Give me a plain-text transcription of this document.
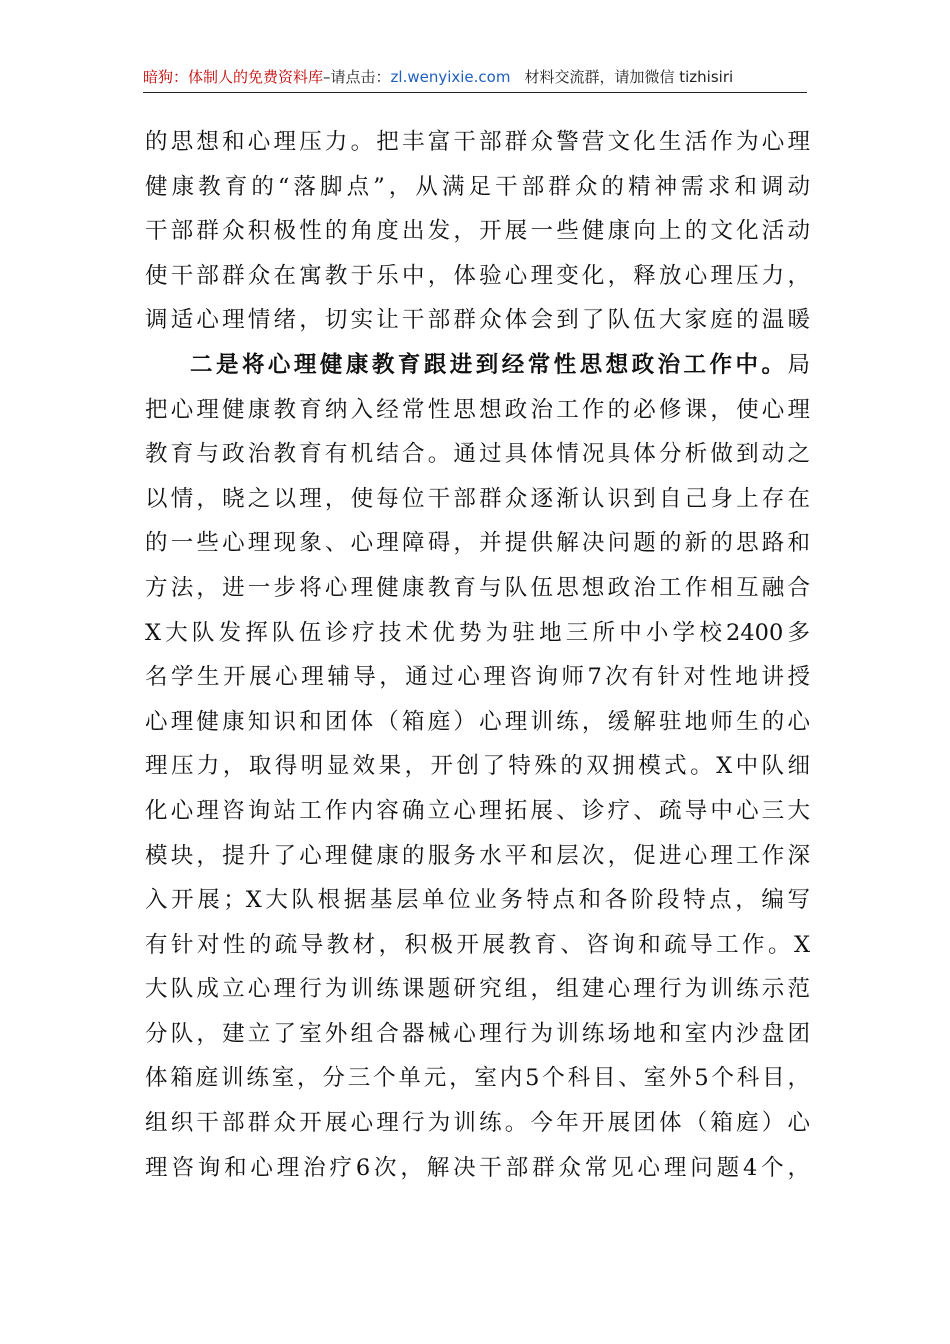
暗狗：体制人的免费资料库–请点击：zl.wenyixie.com 材料交流群，请加微信 tizhisiri
的思想和心理压力。把丰富干部群众警营文化生活作为心理
健康教育的“落脚点”，从满足干部群众的精神需求和调动
干部群众积极性的角度出发，开展一些健康向上的文化活动
使干部群众在寓教于乐中，体验心理变化，释放心理压力，
调适心理情绪，切实让干部群众体会到了队伍大家庭的温暖
二是将心理健康教育跟进到经常性思想政治工作中。局
把心理健康教育纳入经常性思想政治工作的必修课，使心理
教育与政治教育有机结合。通过具体情况具体分析做到动之
以情，晓之以理，使每位干部群众逐渐认识到自己身上存在
的一些心理现象、心理障碍，并提供解决问题的新的思路和
方法，进一步将心理健康教育与队伍思想政治工作相互融合
X大队发挥队伍诊疗技术优势为驻地三所中小学校2400多
名学生开展心理辅导，通过心理咨询师7次有针对性地讲授
心理健康知识和团体（箱庭）心理训练，缓解驻地师生的心
理压力，取得明显效果，开创了特殊的双拥模式。X中队细
化心理咨询站工作内容确立心理拓展、诊疗、疏导中心三大
模块，提升了心理健康的服务水平和层次，促进心理工作深
入开展；X大队根据基层单位业务特点和各阶段特点，编写
有针对性的疏导教材，积极开展教育、咨询和疏导工作。X
大队成立心理行为训练课题研究组，组建心理行为训练示范
分队，建立了室外组合器械心理行为训练场地和室内沙盘团
体箱庭训练室，分三个单元，室内5个科目、室外5个科目，
组织干部群众开展心理行为训练。今年开展团体（箱庭）心
理咨询和心理治疗6次，解决干部群众常见心理问题4个，
